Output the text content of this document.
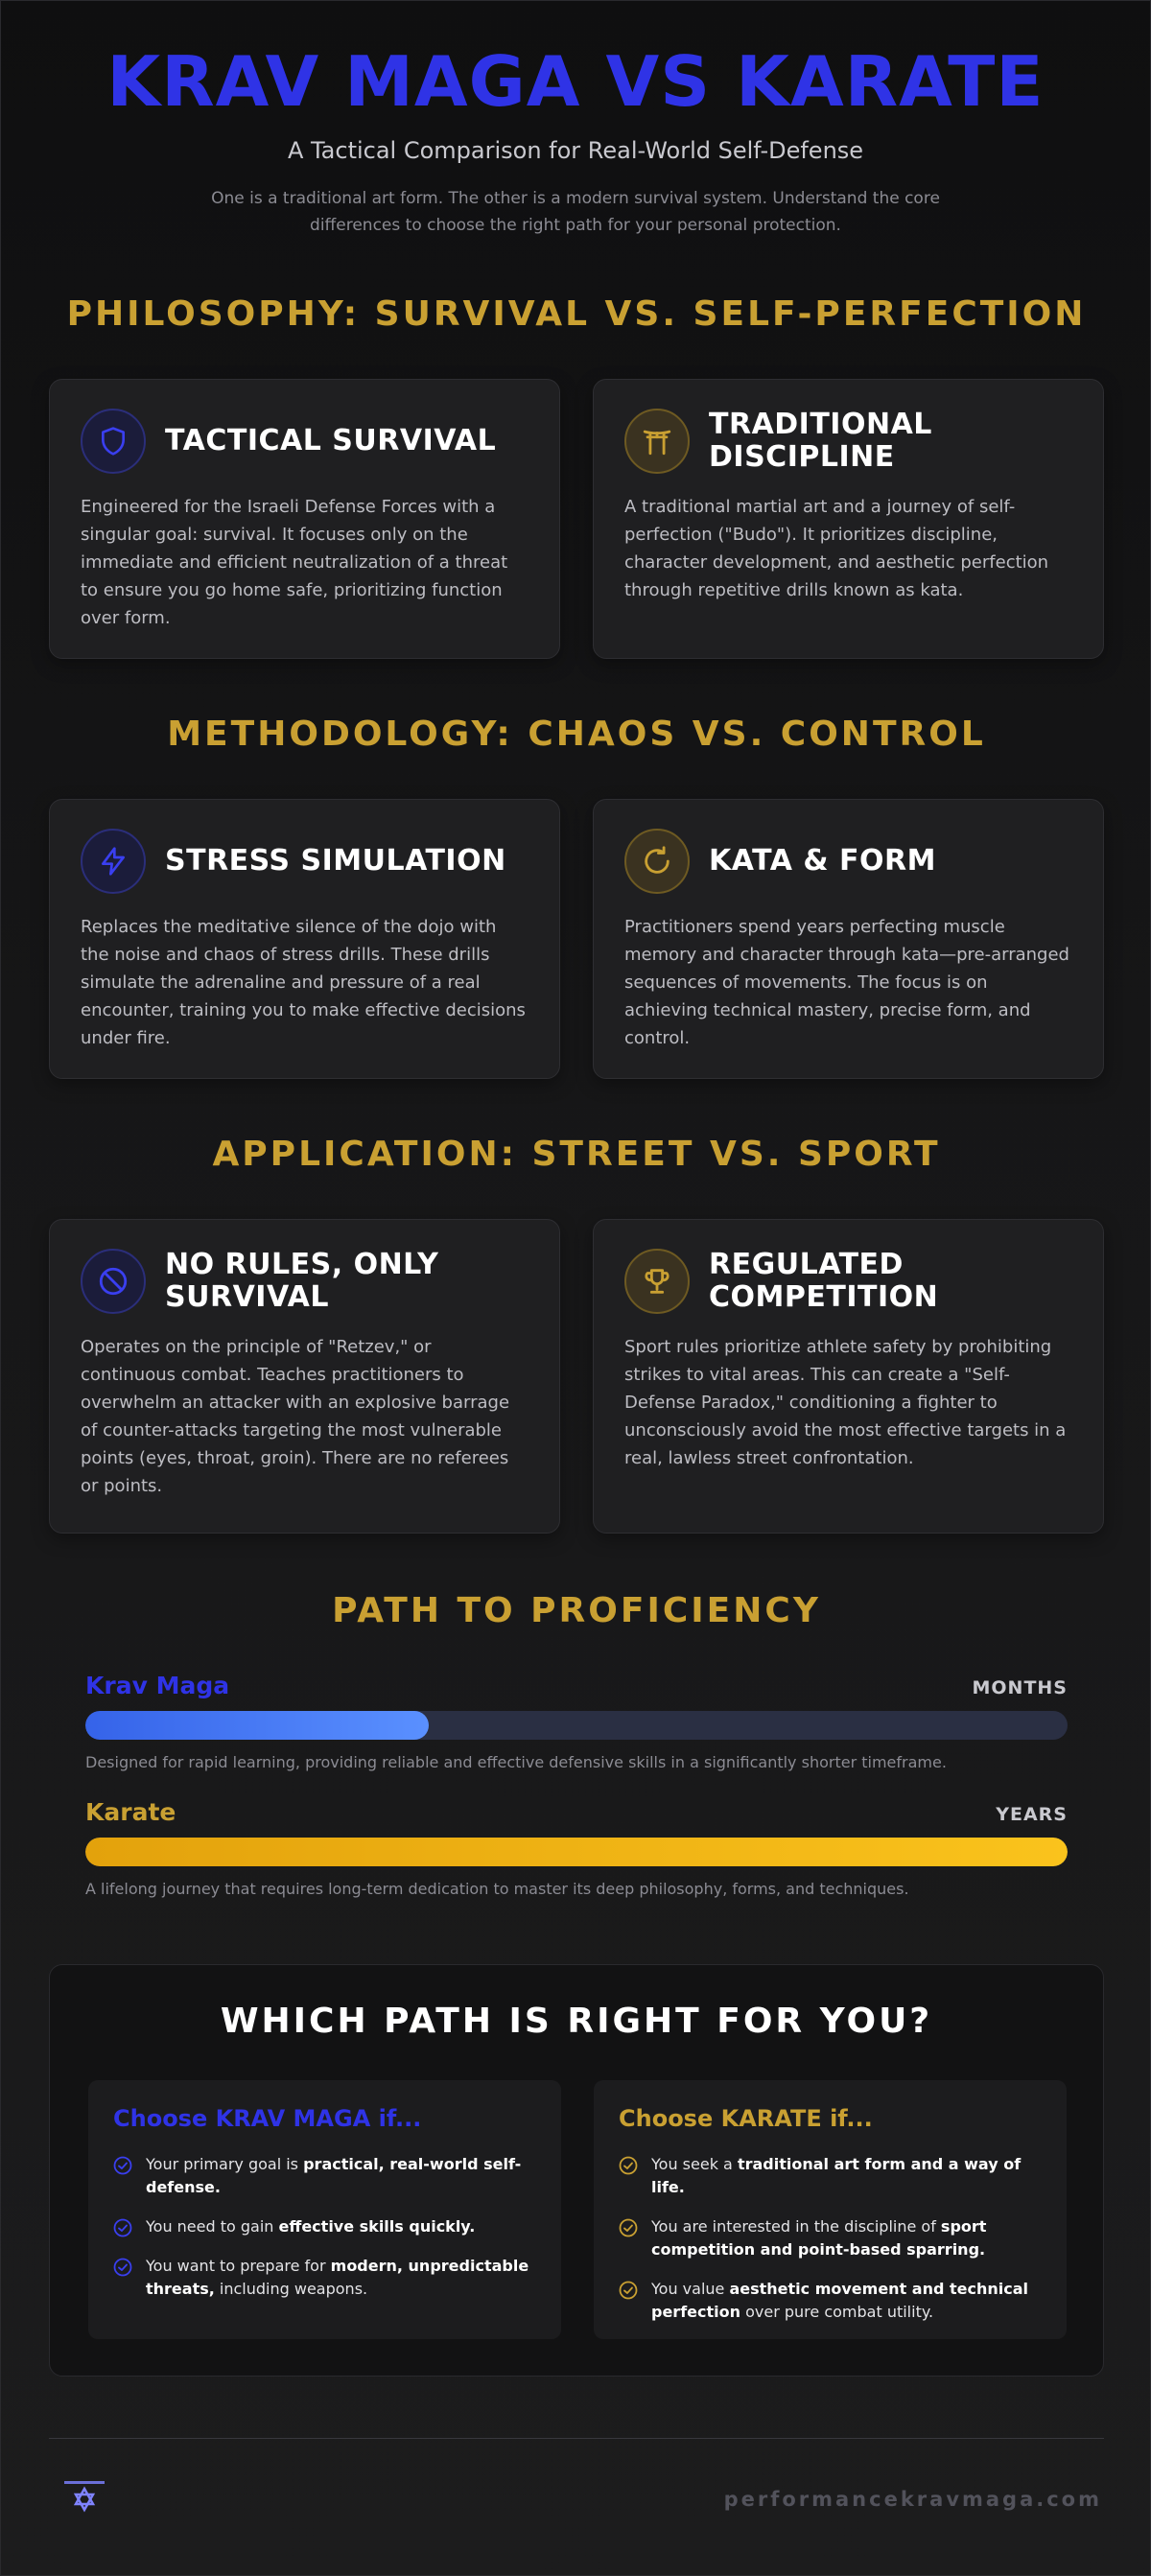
KRAV MAGA VS KARATE
A Tactical Comparison for Real-World Self-Defense
One is a traditional art form. The other is a modern survival system. Understand the core differences to choose the right path for your personal protection.
PHILOSOPHY: SURVIVAL VS. SELF-PERFECTION
TACTICAL SURVIVAL
Engineered for the Israeli Defense Forces with a singular goal: survival. It focuses only on the immediate and efficient neutralization of a threat to ensure you go home safe, prioritizing function over form.
TRADITIONAL DISCIPLINE
A traditional martial art and a journey of self-perfection ("Budo"). It prioritizes discipline, character development, and aesthetic perfection through repetitive drills known as kata.
METHODOLOGY: CHAOS VS. CONTROL
STRESS SIMULATION
Replaces the meditative silence of the dojo with the noise and chaos of stress drills. These drills simulate the adrenaline and pressure of a real encounter, training you to make effective decisions under fire.
KATA & FORM
Practitioners spend years perfecting muscle memory and character through kata—pre-arranged sequences of movements. The focus is on achieving technical mastery, precise form, and control.
APPLICATION: STREET VS. SPORT
NO RULES, ONLY SURVIVAL
Operates on the principle of "Retzev," or continuous combat. Teaches practitioners to overwhelm an attacker with an explosive barrage of counter-attacks targeting the most vulnerable points (eyes, throat, groin). There are no referees or points.
REGULATED COMPETITION
Sport rules prioritize athlete safety by prohibiting strikes to vital areas. This can create a "Self-Defense Paradox," conditioning a fighter to unconsciously avoid the most effective targets in a real, lawless street confrontation.
PATH TO PROFICIENCY
Krav Maga	MONTHS
Designed for rapid learning, providing reliable and effective defensive skills in a significantly shorter timeframe.
Karate	YEARS
A lifelong journey that requires long-term dedication to master its deep philosophy, forms, and techniques.
WHICH PATH IS RIGHT FOR YOU?
Choose KRAV MAGA if...
Your primary goal is practical, real-world self-defense.
You need to gain effective skills quickly.
You want to prepare for modern, unpredictable threats, including weapons.
Choose KARATE if...
You seek a traditional art form and a way of life.
You are interested in the discipline of sport competition and point-based sparring.
You value aesthetic movement and technical perfection over pure combat utility.
performancekravmaga.com
